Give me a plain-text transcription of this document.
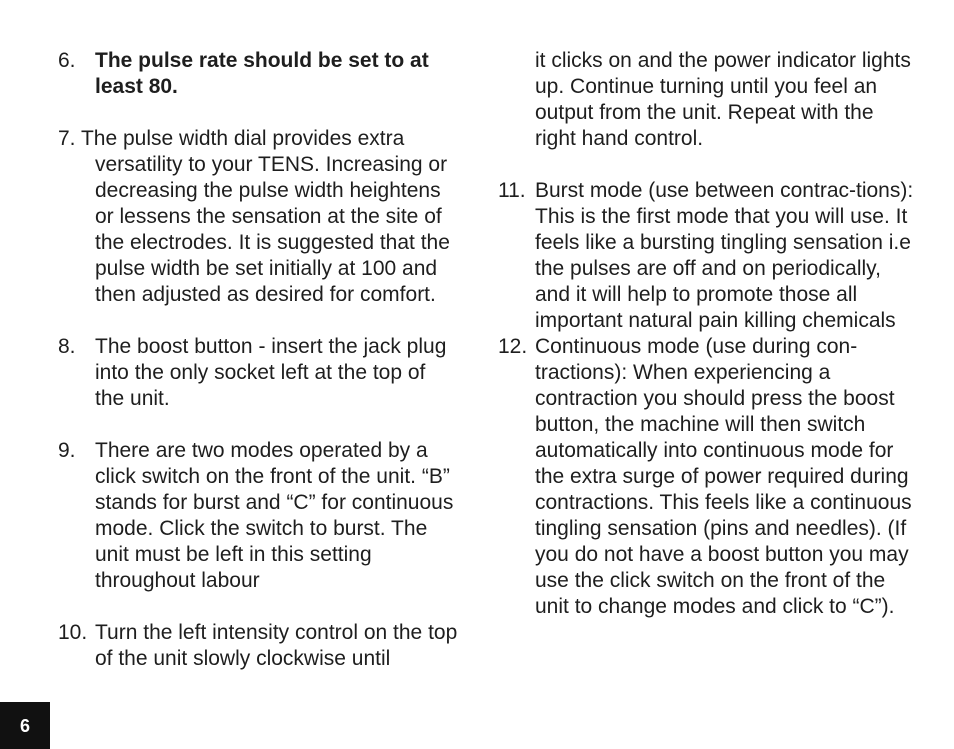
6. The pulse rate should be set to at least 80.
7. The pulse width dial provides extra versatility to your TENS. Increasing or decreasing the pulse width heightens or lessens the sensation at the site of the electrodes. It is suggested that the pulse width be set initially at 100 and then adjusted as desired for comfort.
8. The boost button - insert the jack plug into the only socket left at the top of the unit.
9. There are two modes operated by a click switch on the front of the unit. “B” stands for burst and “C” for continuous mode. Click the switch to burst. The unit must be left in this setting throughout labour
10. Turn the left intensity control on the top of the unit slowly clockwise until
it clicks on and the power indicator lights up. Continue turning until you feel an output from the unit. Repeat with the right hand control.
11. Burst mode (use between contrac-tions): This is the first mode that you will use. It feels like a bursting tingling sensation i.e the pulses are off and on periodically, and it will help to promote those all important natural pain killing chemicals
12. Continuous mode (use during con-tractions): When experiencing a contraction you should press the boost button, the machine will then switch automatically into continuous mode for the extra surge of power required during contractions. This feels like a continuous tingling sensation (pins and needles). (If you do not have a boost button you may use the click switch on the front of the unit to change modes and click to “C”).
6
